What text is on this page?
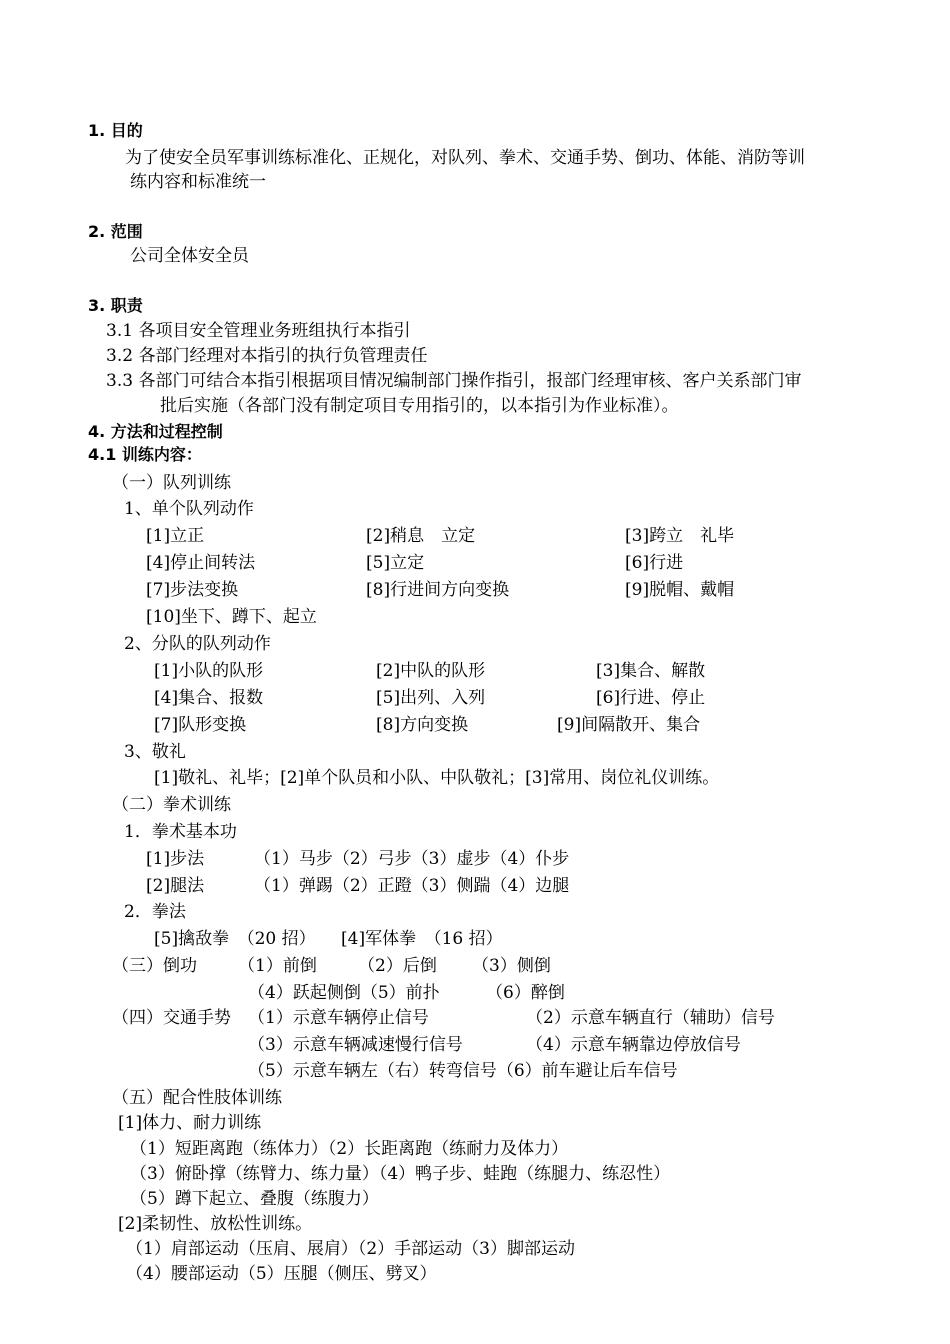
1. 目的
为了使安全员军事训练标准化、正规化，对队列、拳术、交通手势、倒功、体能、消防等训
练内容和标准统一
2. 范围
公司全体安全员
3. 职责
3.1 各项目安全管理业务班组执行本指引
3.2 各部门经理对本指引的执行负管理责任
3.3 各部门可结合本指引根据项目情况编制部门操作指引，报部门经理审核、客户关系部门审
批后实施（各部门没有制定项目专用指引的，以本指引为作业标准）。
4. 方法和过程控制
4.1 训练内容：
（一）队列训练
1、单个队列动作
[1]立正	[2]稍息　立定	[3]跨立　礼毕
[4]停止间转法	[5]立定	[6]行进
[7]步法变换	[8]行进间方向变换	[9]脱帽、戴帽
[10]坐下、蹲下、起立
2、分队的队列动作
[1]小队的队形	[2]中队的队形	[3]集合、解散
[4]集合、报数	[5]出列、入列	[6]行进、停止
[7]队形变换	[8]方向变换	[9]间隔散开、集合
3、敬礼
[1]敬礼、礼毕；[2]单个队员和小队、中队敬礼；[3]常用、岗位礼仪训练。
（二）拳术训练
1．拳术基本功
[1]步法	（1）马步（2）弓步（3）虚步（4）仆步
[2]腿法	（1）弹踢（2）正蹬（3）侧踹（4）边腿
2．拳法
[5]擒敌拳　（20 招） [4]军体拳　（16 招）
（三）倒功 （1）前倒 （2）后倒 （3）侧倒
（4）跃起侧倒（5）前扑	（6）醉倒
（四）交通手势 （1）示意车辆停止信号	（2）示意车辆直行（辅助）信号
（3）示意车辆减速慢行信号	（4）示意车辆靠边停放信号
（5）示意车辆左（右）转弯信号（6）前车避让后车信号
（五）配合性肢体训练
[1]体力、耐力训练
（1）短距离跑（练体力）（2）长距离跑（练耐力及体力）
（3）俯卧撑（练臂力、练力量）（4）鸭子步、蛙跑（练腿力、练忍性）
（5）蹲下起立、叠腹（练腹力）
[2]柔韧性、放松性训练。
（1）肩部运动（压肩、展肩）（2）手部运动（3）脚部运动
（4）腰部运动（5）压腿（侧压、劈叉）
